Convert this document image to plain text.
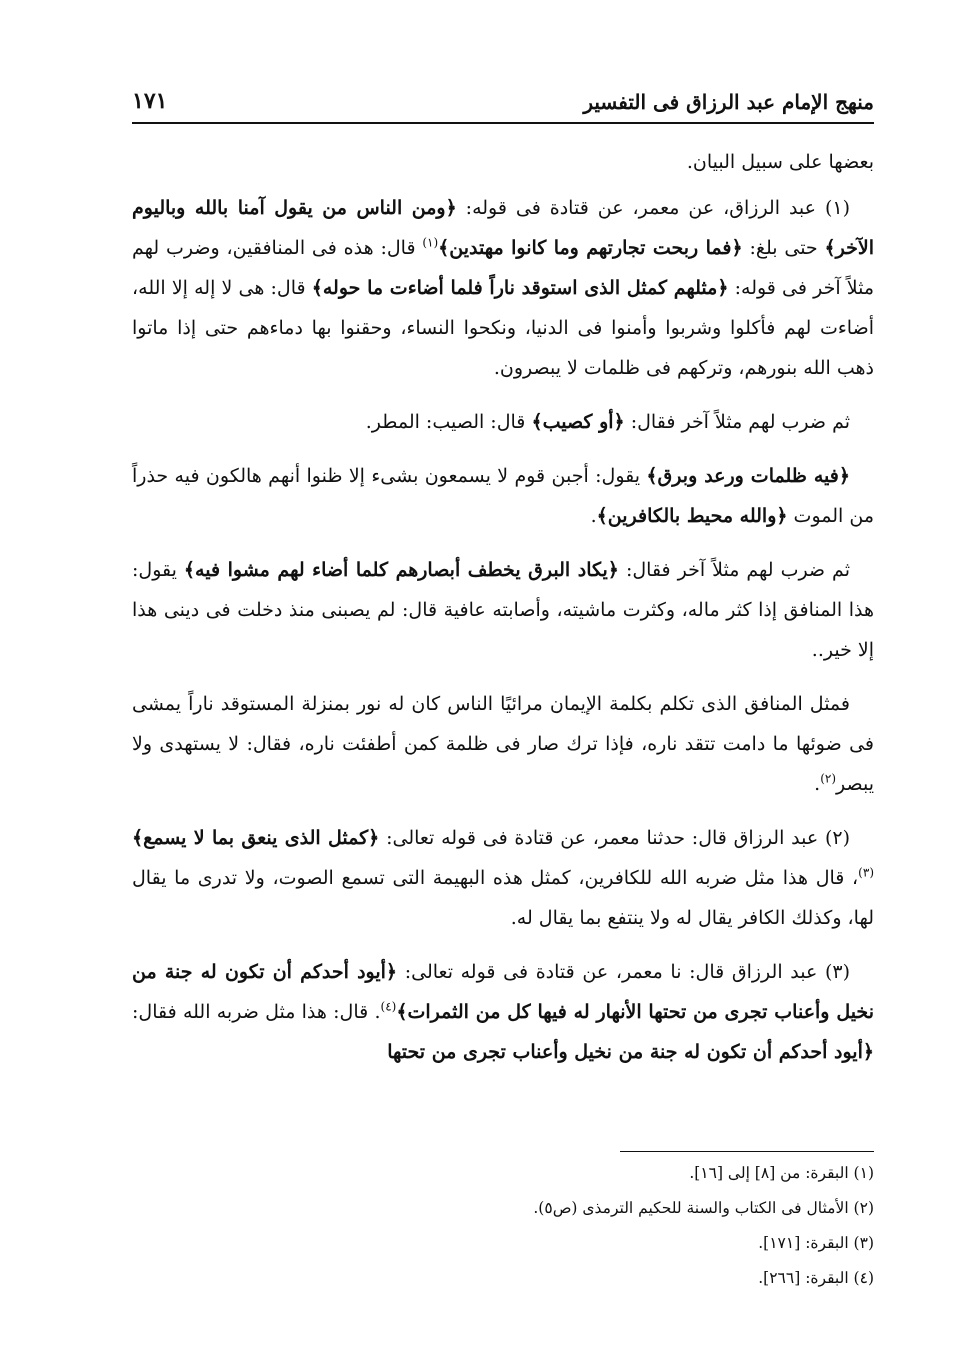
منهج الإمام عبد الرزاق فى التفسير
١٧١

بعضها على سبيل البيان.

(١) عبد الرزاق، عن معمر، عن قتادة فى قوله: ﴿ومن الناس من يقول آمنا بالله وباليوم الآخر﴾ حتى بلغ: ﴿فما ربحت تجارتهم وما كانوا مهتدين﴾$^{(١)}$ قال: هذه فى المنافقين، وضرب لهم مثلاً آخر فى قوله: ﴿مثلهم كمثل الذى استوقد ناراً فلما أضاءت ما حوله﴾ قال: هى لا إله إلا الله، أضاءت لهم فأكلوا وشربوا وأمنوا فى الدنيا، ونكحوا النساء، وحقنوا بها دماءهم حتى إذا ماتوا ذهب الله بنورهم، وتركهم فى ظلمات لا يبصرون.

ثم ضرب لهم مثلاً آخر فقال: ﴿أو كصيب﴾ قال: الصيب: المطر.

﴿فيه ظلمات ورعد وبرق﴾ يقول: أجبن قوم لا يسمعون بشىء إلا ظنوا أنهم هالكون فيه حذراً من الموت ﴿والله محيط بالكافرين﴾.

ثم ضرب لهم مثلاً آخر فقال: ﴿يكاد البرق يخطف أبصارهم كلما أضاء لهم مشوا فيه﴾ يقول: هذا المنافق إذا كثر ماله، وكثرت ماشيته، وأصابته عافية قال: لم يصبنى منذ دخلت فى دينى هذا إلا خير..

فمثل المنافق الذى تكلم بكلمة الإيمان مرائيًا الناس كان له نور بمنزلة المستوقد ناراً يمشى فى ضوئها ما دامت تتقد ناره، فإذا ترك صار فى ظلمة كمن أطفئت ناره، فقال: لا يستهدى ولا يبصر$^{(٢)}$.

(٢) عبد الرزاق قال: حدثنا معمر، عن قتادة فى قوله تعالى: ﴿كمثل الذى ينعق بما لا يسمع﴾$^{(٣)}$، قال هذا مثل ضربه الله للكافرين، كمثل هذه البهيمة التى تسمع الصوت، ولا تدرى ما يقال لها، وكذلك الكافر يقال له ولا ينتفع بما يقال له.

(٣) عبد الرزاق قال: نا معمر، عن قتادة فى قوله تعالى: ﴿أيود أحدكم أن تكون له جنة من نخيل وأعناب تجرى من تحتها الأنهار له فيها كل من الثمرات﴾$^{(٤)}$. قال: هذا مثل ضربه الله فقال: ﴿أيود أحدكم أن تكون له جنة من نخيل وأعناب تجرى من تحتها

(١) البقرة: من [٨] إلى [١٦].

(٢) الأمثال فى الكتاب والسنة للحكيم الترمذى (ص٥).

(٣) البقرة: [١٧١].

(٤) البقرة: [٢٦٦].
